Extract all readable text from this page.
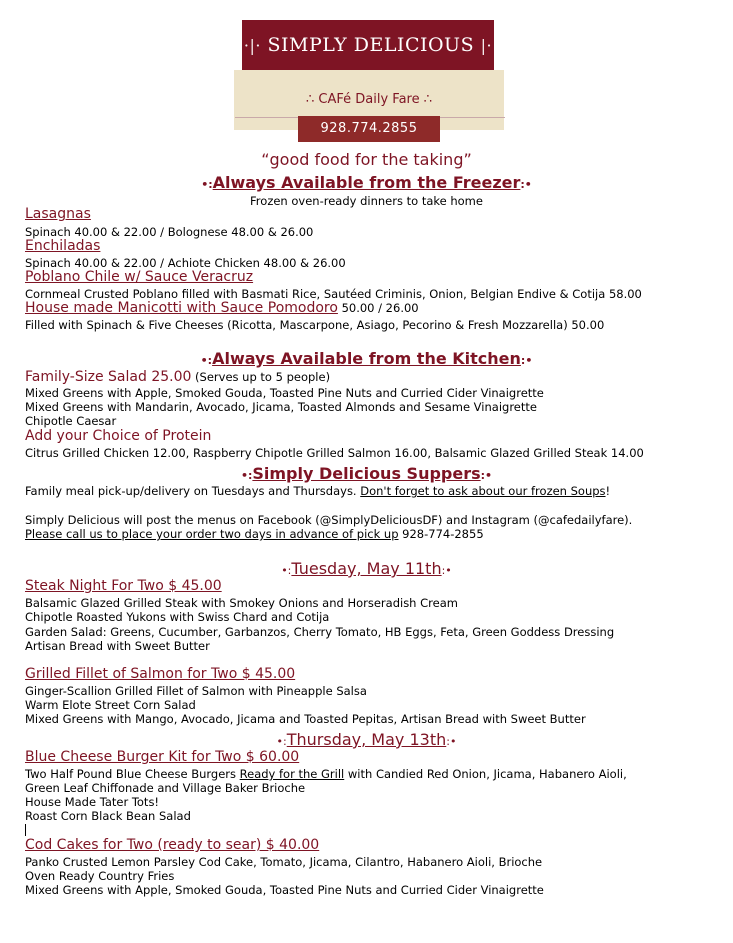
·|· SIMPLY DELICIOUS |·
∴ CAFé Daily Fare ∴
928.774.2855
“good food for the taking”
•:Always Available from the Freezer:•
Frozen oven-ready dinners to take home
Lasagnas
Spinach 40.00 & 22.00 / Bolognese 48.00 & 26.00
Enchiladas
Spinach 40.00 & 22.00 / Achiote Chicken 48.00 & 26.00
Poblano Chile w/ Sauce Veracruz
Cornmeal Crusted Poblano filled with Basmati Rice, Sautéed Criminis, Onion, Belgian Endive & Cotija 58.00
House made Manicotti with Sauce Pomodoro 50.00 / 26.00
Filled with Spinach & Five Cheeses (Ricotta, Mascarpone, Asiago, Pecorino & Fresh Mozzarella) 50.00
•:Always Available from the Kitchen:•
Family-Size Salad 25.00 (Serves up to 5 people)
Mixed Greens with Apple, Smoked Gouda, Toasted Pine Nuts and Curried Cider Vinaigrette
Mixed Greens with Mandarin, Avocado, Jicama, Toasted Almonds and Sesame Vinaigrette
Chipotle Caesar
Add your Choice of Protein
Citrus Grilled Chicken 12.00, Raspberry Chipotle Grilled Salmon 16.00, Balsamic Glazed Grilled Steak 14.00
•:Simply Delicious Suppers:•
Family meal pick-up/delivery on Tuesdays and Thursdays. Don't forget to ask about our frozen Soups!
Simply Delicious will post the menus on Facebook (@SimplyDeliciousDF) and Instagram (@cafedailyfare).
Please call us to place your order two days in advance of pick up 928-774-2855
•:Tuesday, May 11th:•
Steak Night For Two $ 45.00
Balsamic Glazed Grilled Steak with Smokey Onions and Horseradish Cream
Chipotle Roasted Yukons with Swiss Chard and Cotija
Garden Salad: Greens, Cucumber, Garbanzos, Cherry Tomato, HB Eggs, Feta, Green Goddess Dressing
Artisan Bread with Sweet Butter
Grilled Fillet of Salmon for Two $ 45.00
Ginger-Scallion Grilled Fillet of Salmon with Pineapple Salsa
Warm Elote Street Corn Salad
Mixed Greens with Mango, Avocado, Jicama and Toasted Pepitas, Artisan Bread with Sweet Butter
•:Thursday, May 13th:•
Blue Cheese Burger Kit for Two $ 60.00
Two Half Pound Blue Cheese Burgers Ready for the Grill with Candied Red Onion, Jicama, Habanero Aioli,
Green Leaf Chiffonade and Village Baker Brioche
House Made Tater Tots!
Roast Corn Black Bean Salad
Cod Cakes for Two (ready to sear) $ 40.00
Panko Crusted Lemon Parsley Cod Cake, Tomato, Jicama, Cilantro, Habanero Aioli, Brioche
Oven Ready Country Fries
Mixed Greens with Apple, Smoked Gouda, Toasted Pine Nuts and Curried Cider Vinaigrette
